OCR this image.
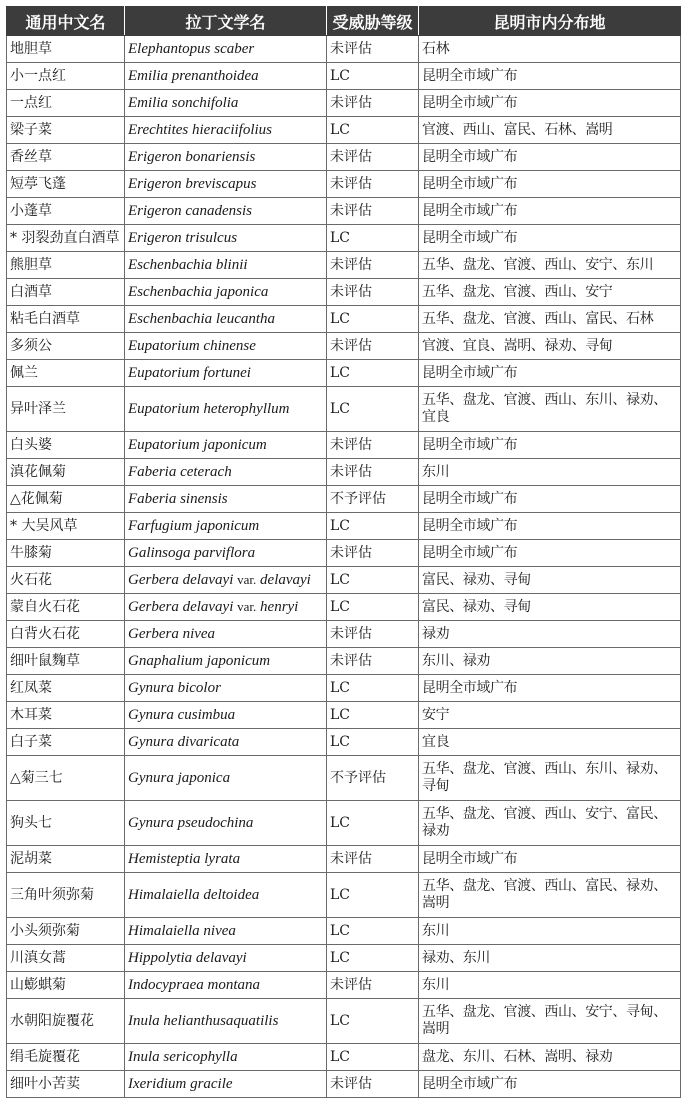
通用中文名	拉丁文学名	受威胁等级	昆明市内分布地
地胆草	Elephantopus scaber	未评估	石林
小一点红	Emilia prenanthoidea	LC	昆明全市域广布
一点红	Emilia sonchifolia	未评估	昆明全市域广布
梁子菜	Erechtites hieraciifolius	LC	官渡、西山、富民、石林、嵩明
香丝草	Erigeron bonariensis	未评估	昆明全市域广布
短葶飞蓬	Erigeron breviscapus	未评估	昆明全市域广布
小蓬草	Erigeron canadensis	未评估	昆明全市域广布
* 羽裂劲直白酒草	Erigeron trisulcus	LC	昆明全市域广布
熊胆草	Eschenbachia blinii	未评估	五华、盘龙、官渡、西山、安宁、东川
白酒草	Eschenbachia japonica	未评估	五华、盘龙、官渡、西山、安宁
粘毛白酒草	Eschenbachia leucantha	LC	五华、盘龙、官渡、西山、富民、石林
多须公	Eupatorium chinense	未评估	官渡、宜良、嵩明、禄劝、寻甸
佩兰	Eupatorium fortunei	LC	昆明全市域广布
异叶泽兰	Eupatorium heterophyllum	LC	五华、盘龙、官渡、西山、东川、禄劝、宜良
白头婆	Eupatorium japonicum	未评估	昆明全市域广布
滇花佩菊	Faberia ceterach	未评估	东川
△花佩菊	Faberia sinensis	不予评估	昆明全市域广布
* 大吴风草	Farfugium japonicum	LC	昆明全市域广布
牛膝菊	Galinsoga parviflora	未评估	昆明全市域广布
火石花	Gerbera delavayi var. delavayi	LC	富民、禄劝、寻甸
蒙自火石花	Gerbera delavayi var. henryi	LC	富民、禄劝、寻甸
白背火石花	Gerbera nivea	未评估	禄劝
细叶鼠麴草	Gnaphalium japonicum	未评估	东川、禄劝
红凤菜	Gynura bicolor	LC	昆明全市域广布
木耳菜	Gynura cusimbua	LC	安宁
白子菜	Gynura divaricata	LC	宜良
△菊三七	Gynura japonica	不予评估	五华、盘龙、官渡、西山、东川、禄劝、寻甸
狗头七	Gynura pseudochina	LC	五华、盘龙、官渡、西山、安宁、富民、禄劝
泥胡菜	Hemisteptia lyrata	未评估	昆明全市域广布
三角叶须弥菊	Himalaiella deltoidea	LC	五华、盘龙、官渡、西山、富民、禄劝、嵩明
小头须弥菊	Himalaiella nivea	LC	东川
川滇女蒿	Hippolytia delavayi	LC	禄劝、东川
山蟛蜞菊	Indocypraea montana	未评估	东川
水朝阳旋覆花	Inula helianthusaquatilis	LC	五华、盘龙、官渡、西山、安宁、寻甸、嵩明
绢毛旋覆花	Inula sericophylla	LC	盘龙、东川、石林、嵩明、禄劝
细叶小苦荬	Ixeridium gracile	未评估	昆明全市域广布
